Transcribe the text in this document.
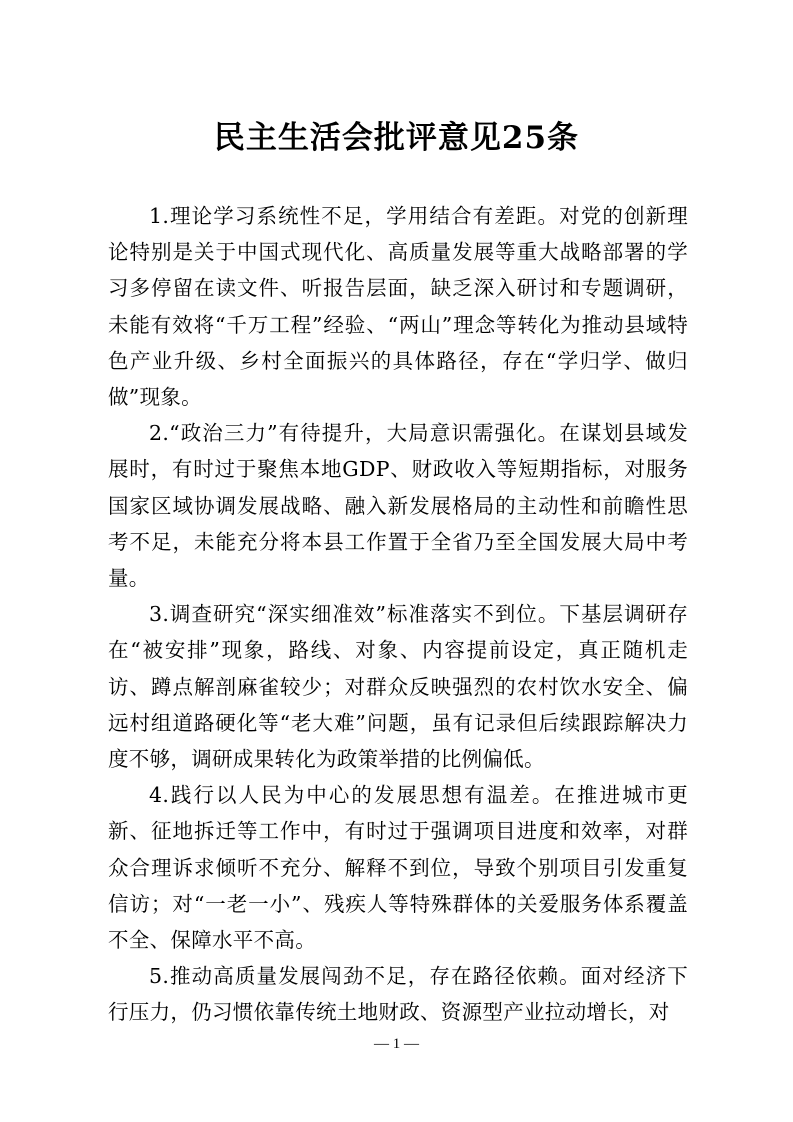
民主生活会批评意见25条

1.理论学习系统性不足，学用结合有差距。对党的创新理论特别是关于中国式现代化、高质量发展等重大战略部署的学习多停留在读文件、听报告层面，缺乏深入研讨和专题调研，未能有效将“千万工程”经验、“两山”理念等转化为推动县域特色产业升级、乡村全面振兴的具体路径，存在“学归学、做归做”现象。

2.“政治三力”有待提升，大局意识需强化。在谋划县域发展时，有时过于聚焦本地GDP、财政收入等短期指标，对服务国家区域协调发展战略、融入新发展格局的主动性和前瞻性思考不足，未能充分将本县工作置于全省乃至全国发展大局中考量。

3.调查研究“深实细准效”标准落实不到位。下基层调研存在“被安排”现象，路线、对象、内容提前设定，真正随机走访、蹲点解剖麻雀较少；对群众反映强烈的农村饮水安全、偏远村组道路硬化等“老大难”问题，虽有记录但后续跟踪解决力度不够，调研成果转化为政策举措的比例偏低。

4.践行以人民为中心的发展思想有温差。在推进城市更新、征地拆迁等工作中，有时过于强调项目进度和效率，对群众合理诉求倾听不充分、解释不到位，导致个别项目引发重复信访；对“一老一小”、残疾人等特殊群体的关爱服务体系覆盖不全、保障水平不高。

5.推动高质量发展闯劲不足，存在路径依赖。面对经济下行压力，仍习惯依靠传统土地财政、资源型产业拉动增长，对

— 1 —
